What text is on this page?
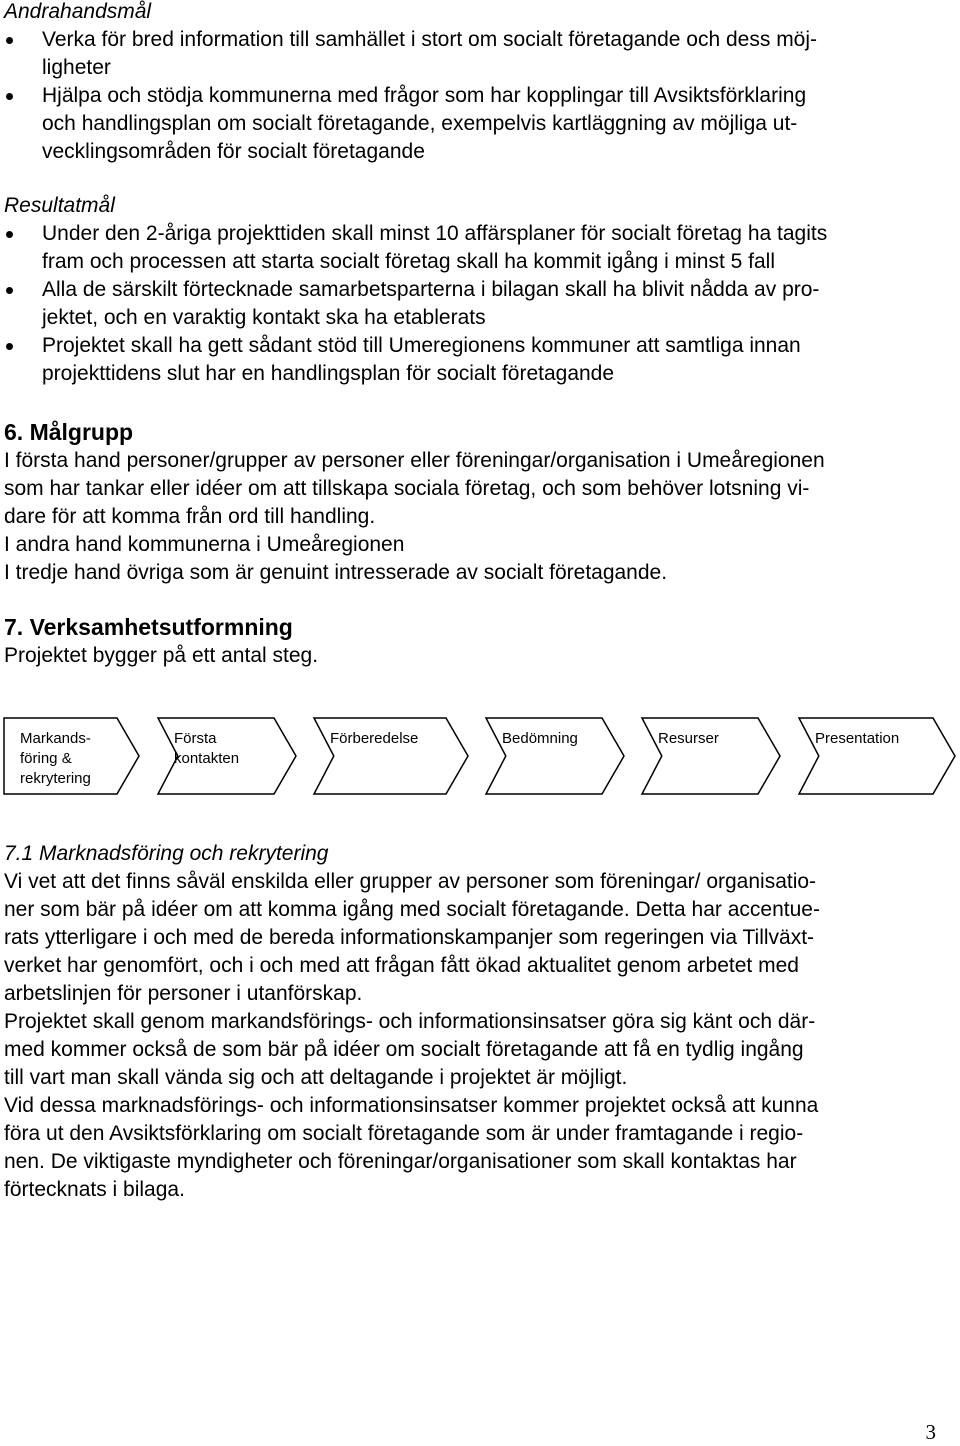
Andrahandsmål
Verka för bred information till samhället i stort om socialt företagande och dess möj-
ligheter
Hjälpa och stödja kommunerna med frågor som har kopplingar till Avsiktsförklaring
och handlingsplan om socialt företagande, exempelvis kartläggning av möjliga ut-
vecklingsområden för socialt företagande
Resultatmål
Under den 2-åriga projekttiden skall minst 10 affärsplaner för socialt företag ha tagits
fram och processen att starta socialt företag skall ha kommit igång i minst 5 fall
Alla de särskilt förtecknade samarbetsparterna i bilagan skall ha blivit nådda av pro-
jektet, och en varaktig kontakt ska ha etablerats
Projektet skall ha gett sådant stöd till Umeregionens kommuner att samtliga innan
projekttidens slut har en handlingsplan för socialt företagande
6. Målgrupp
I första hand personer/grupper av personer eller föreningar/organisation i Umeåregionen
som har tankar eller idéer om att tillskapa sociala företag, och som behöver lotsning vi-
dare för att komma från ord till handling.
I andra hand kommunerna i Umeåregionen
I tredje hand övriga som är genuint intresserade av socialt företagande.
7. Verksamhetsutformning

Projektet bygger på ett antal steg.

Markands-
föring &
rekrytering
Första
kontakten
Förberedelse	Bedömning	Resurser	Presentation
7.1 Marknadsföring och rekrytering
Vi vet att det finns såväl enskilda eller grupper av personer som föreningar/ organisatio-
ner som bär på idéer om att komma igång med socialt företagande. Detta har accentue-
rats ytterligare i och med de bereda informationskampanjer som regeringen via Tillväxt-
verket har genomfört, och i och med att frågan fått ökad aktualitet genom arbetet med
arbetslinjen för personer i utanförskap.
Projektet skall genom markandsförings- och informationsinsatser göra sig känt och där-
med kommer också de som bär på idéer om socialt företagande att få en tydlig ingång
till vart man skall vända sig och att deltagande i projektet är möjligt.
Vid dessa marknadsförings- och informationsinsatser kommer projektet också att kunna
föra ut den Avsiktsförklaring om socialt företagande som är under framtagande i regio-
nen. De viktigaste myndigheter och föreningar/organisationer som skall kontaktas har
förtecknats i bilaga.
3
